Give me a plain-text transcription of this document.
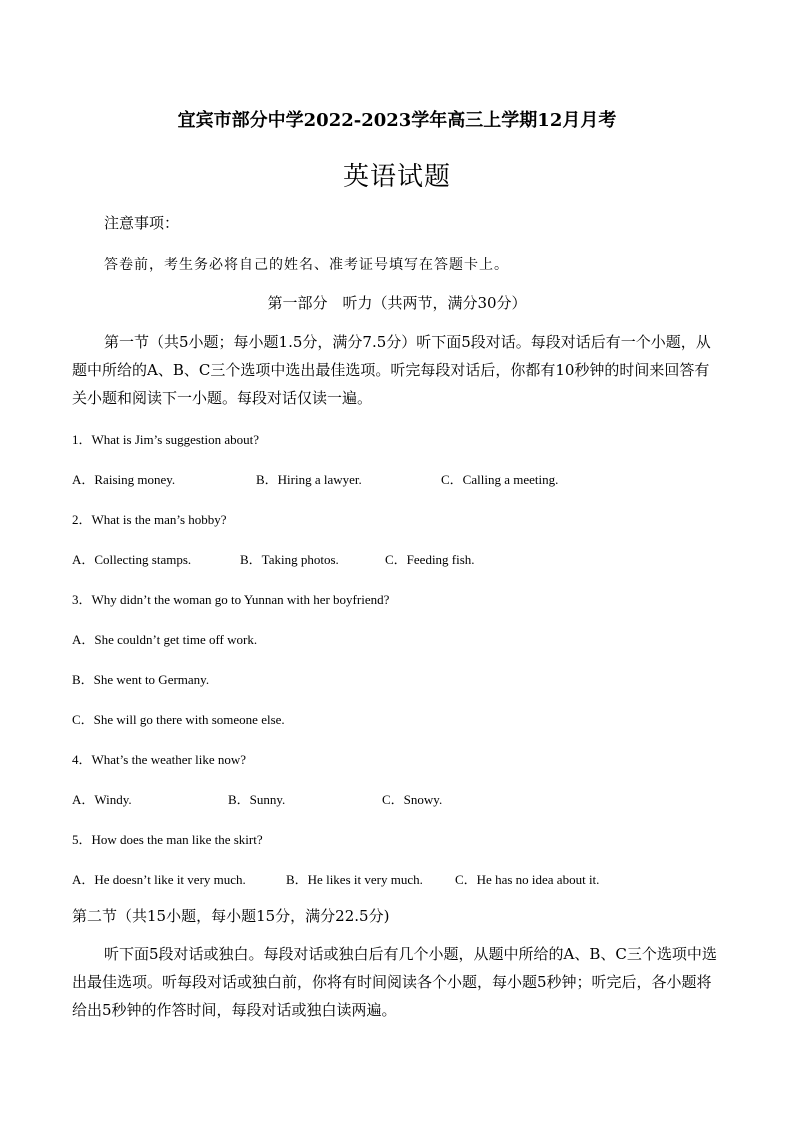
宜宾市部分中学2022-2023学年高三上学期12月月考
英语试题
注意事项：
答卷前，考生务必将自己的姓名、准考证号填写在答题卡上。
第一部分　听力（共两节，满分30分）
第一节（共5小题；每小题1.5分，满分7.5分）听下面5段对话。每段对话后有一个小题，从题中所给的A、B、C三个选项中选出最佳选项。听完每段对话后，你都有10秒钟的时间来回答有关小题和阅读下一小题。每段对话仅读一遍。
1．What is Jim’s suggestion about?
A．Raising money.	B．Hiring a lawyer.	C．Calling a meeting.
2．What is the man’s hobby?
A．Collecting stamps.	B．Taking photos.	C．Feeding fish.
3．Why didn’t the woman go to Yunnan with her boyfriend?
A．She couldn’t get time off work.
B．She went to Germany.
C．She will go there with someone else.
4．What’s the weather like now?
A．Windy.	B．Sunny.	C．Snowy.
5．How does the man like the skirt?
A．He doesn’t like it very much.	B．He likes it very much. C．He has no idea about it.
第二节（共15小题，每小题15分，满分22.5分)
听下面5段对话或独白。每段对话或独白后有几个小题，从题中所给的A、B、C三个选项中选出最佳选项。听每段对话或独白前，你将有时间阅读各个小题，每小题5秒钟；听完后，各小题将给出5秒钟的作答时间，每段对话或独白读两遍。
